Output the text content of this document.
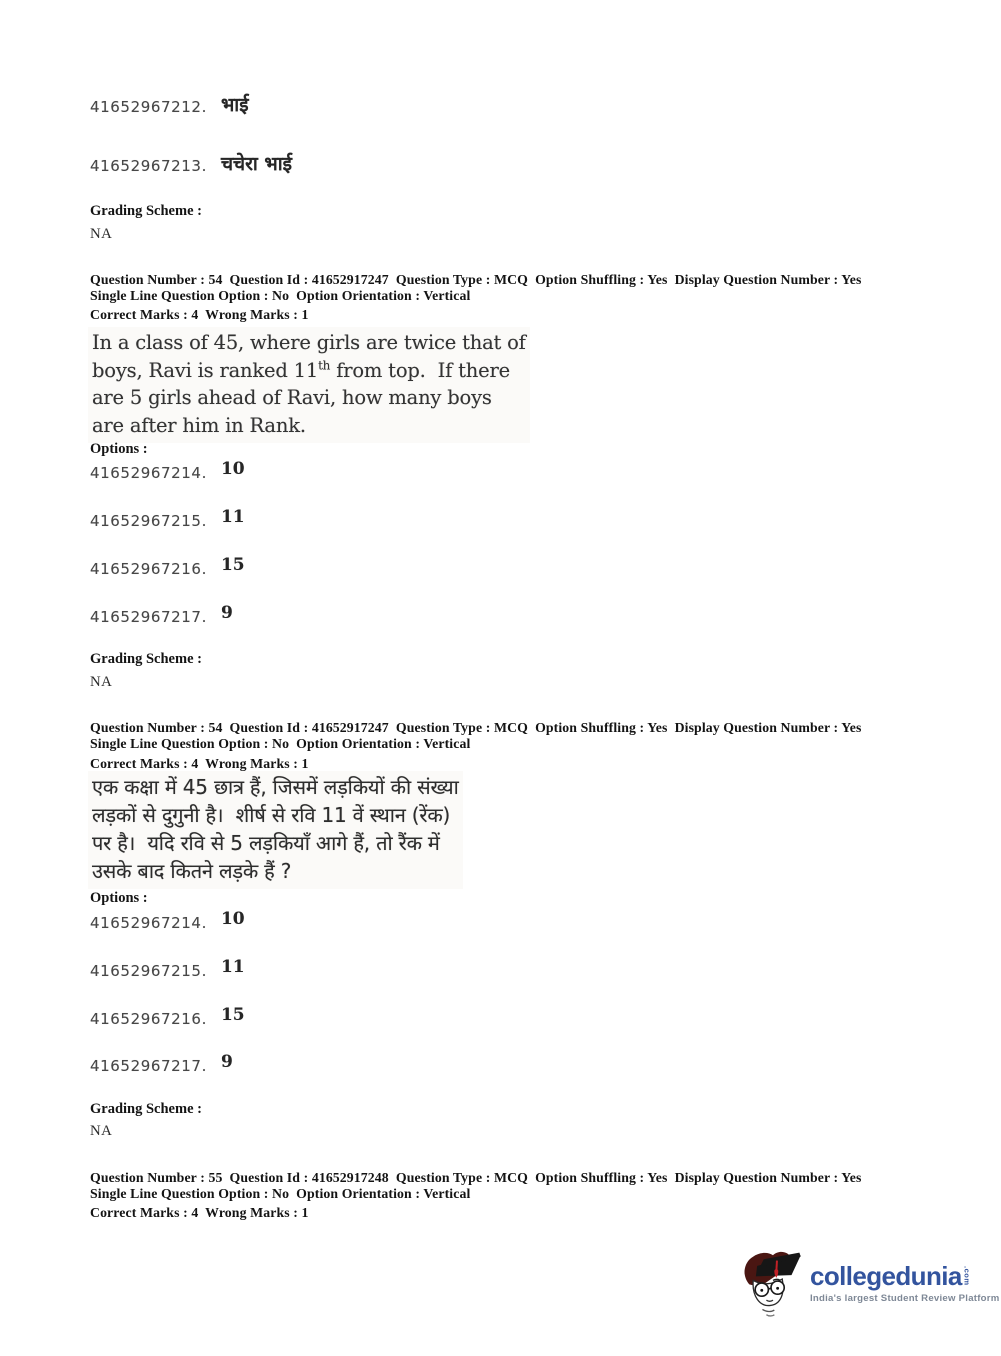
41652967212. भाई
41652967213. चचेरा भाई
Grading Scheme :
NA
Question Number : 54  Question Id : 41652917247  Question Type : MCQ  Option Shuffling : Yes  Display Question Number : Yes
Single Line Question Option : No  Option Orientation : Vertical
Correct Marks : 4  Wrong Marks : 1
In a class of 45, where girls are twice that of
boys, Ravi is ranked 11th from top.  If there
are 5 girls ahead of Ravi, how many boys
are after him in Rank.
Options :
41652967214. 10
41652967215. 11
41652967216. 15
41652967217. 9
Grading Scheme :
NA
Question Number : 54  Question Id : 41652917247  Question Type : MCQ  Option Shuffling : Yes  Display Question Number : Yes
Single Line Question Option : No  Option Orientation : Vertical
Correct Marks : 4  Wrong Marks : 1
एक कक्षा में 45 छात्र हैं, जिसमें लड़कियों की संख्या
लड़कों से दुगुनी है।  शीर्ष से रवि 11 वें स्थान (रेंक)
पर है।  यदि रवि से 5 लड़कियाँ आगे हैं, तो रैंक में
उसके बाद कितने लड़के हैं ?
Options :
41652967214. 10
41652967215. 11
41652967216. 15
41652967217. 9
Grading Scheme :
NA
Question Number : 55  Question Id : 41652917248  Question Type : MCQ  Option Shuffling : Yes  Display Question Number : Yes
Single Line Question Option : No  Option Orientation : Vertical
Correct Marks : 4  Wrong Marks : 1
collegedunia .com
India's largest Student Review Platform
